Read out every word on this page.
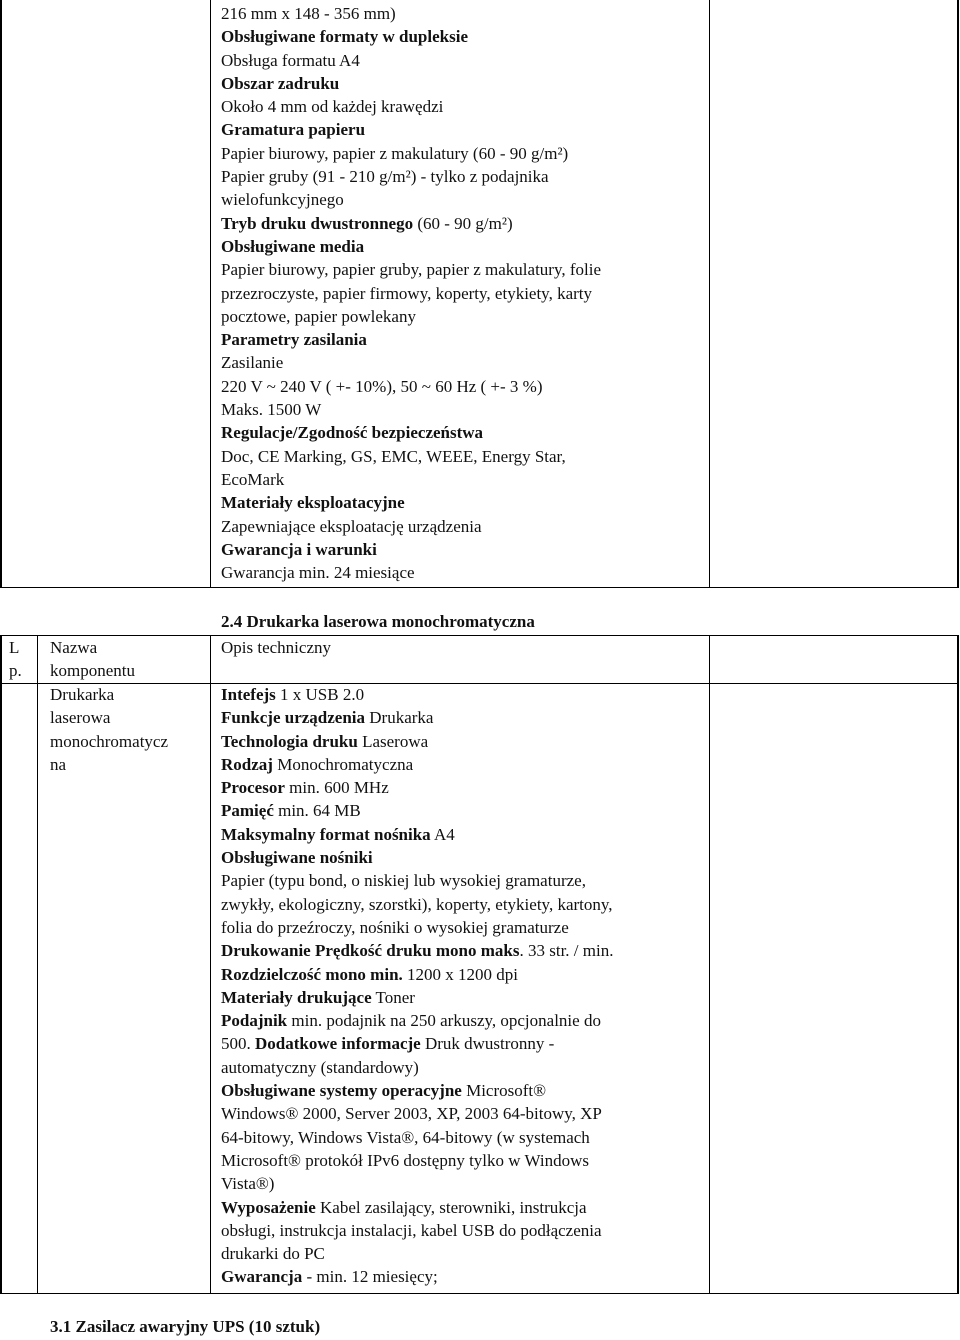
216 mm x 148 - 356 mm)
Obsługiwane formaty w dupleksie
Obsługa formatu A4
Obszar zadruku
Około 4 mm od każdej krawędzi
Gramatura papieru
Papier biurowy, papier z makulatury (60 - 90 g/m²)
Papier gruby (91 - 210 g/m²) - tylko z podajnika
wielofunkcyjnego
Tryb druku dwustronnego (60 - 90 g/m²)
Obsługiwane media
Papier biurowy, papier gruby, papier z makulatury, folie
przezroczyste, papier firmowy, koperty, etykiety, karty
pocztowe, papier powlekany
Parametry zasilania
Zasilanie
220 V ~ 240 V ( +- 10%), 50 ~ 60 Hz ( +- 3 %)
Maks. 1500 W
Regulacje/Zgodność bezpieczeństwa
Doc, CE Marking, GS, EMC, WEEE, Energy Star,
EcoMark
Materiały eksploatacyjne
Zapewniające eksploatację urządzenia
Gwarancja i warunki
Gwarancja min. 24 miesiące
2.4 Drukarka laserowa monochromatyczna
L
p.
Nazwa
komponentu
Opis techniczny
Drukarka
laserowa
monochromatycz
na
Intefejs 1 x USB 2.0
Funkcje urządzenia Drukarka
Technologia druku Laserowa
Rodzaj Monochromatyczna
Procesor min. 600 MHz
Pamięć min. 64 MB
Maksymalny format nośnika A4
Obsługiwane nośniki
Papier (typu bond, o niskiej lub wysokiej gramaturze,
zwykły, ekologiczny, szorstki), koperty, etykiety, kartony,
folia do przeźroczy, nośniki o wysokiej gramaturze
Drukowanie Prędkość druku mono maks. 33 str. / min.
Rozdzielczość mono min. 1200 x 1200 dpi
Materiały drukujące Toner
Podajnik min. podajnik na 250 arkuszy, opcjonalnie do
500. Dodatkowe informacje Druk dwustronny -
automatyczny (standardowy)
Obsługiwane systemy operacyjne Microsoft®
Windows® 2000, Server 2003, XP, 2003 64-bitowy, XP
64-bitowy, Windows Vista®, 64-bitowy (w systemach
Microsoft® protokół IPv6 dostępny tylko w Windows
Vista®)
Wyposażenie Kabel zasilający, sterowniki, instrukcja
obsługi, instrukcja instalacji, kabel USB do podłączenia
drukarki do PC
Gwarancja - min. 12 miesięcy;
3.1 Zasilacz awaryjny UPS (10 sztuk)
